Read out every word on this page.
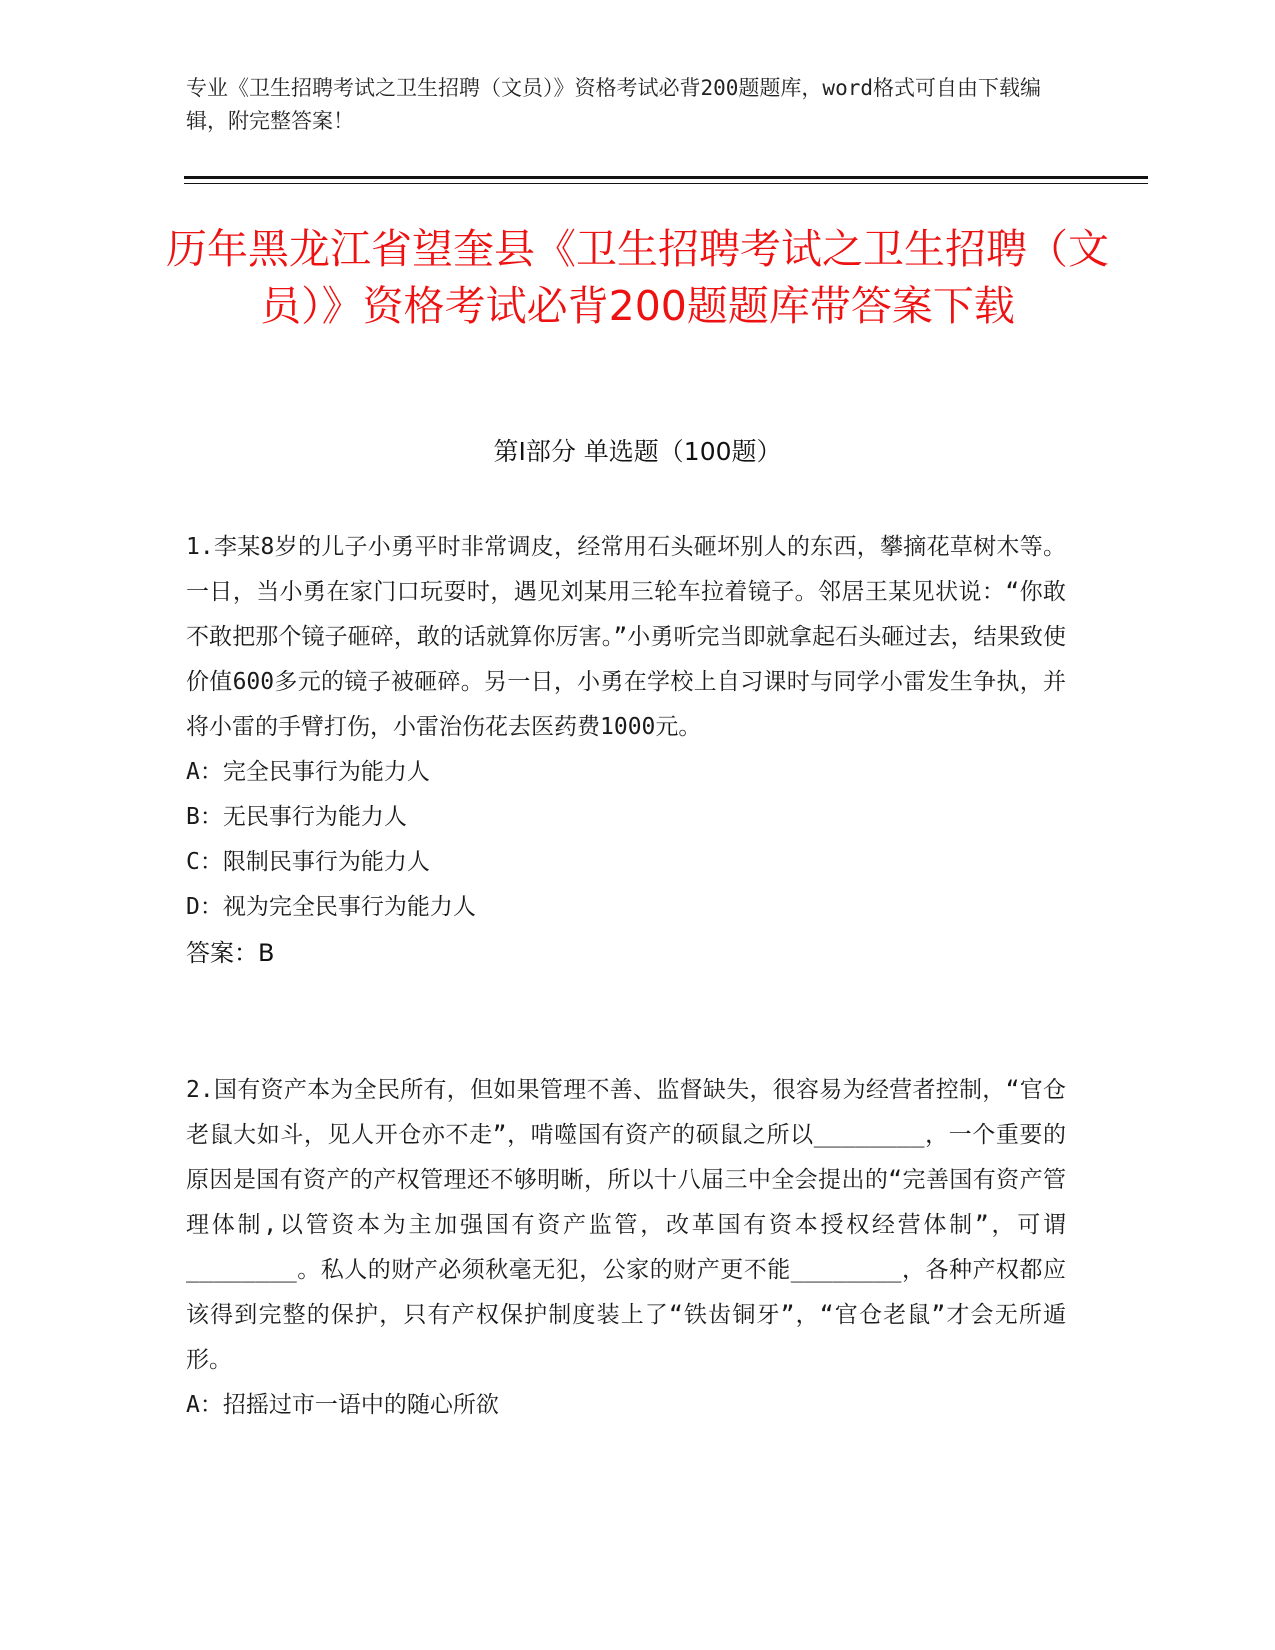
专业《卫生招聘考试之卫生招聘（文员）》资格考试必背200题题库，word格式可自由下载编辑，附完整答案！
历年黑龙江省望奎县《卫生招聘考试之卫生招聘（文员）》资格考试必背200题题库带答案下载
第I部分 单选题（100题）

1.李某8岁的儿子小勇平时非常调皮，经常用石头砸坏别人的东西，攀摘花草树木等。一日，当小勇在家门口玩耍时，遇见刘某用三轮车拉着镜子。邻居王某见状说：“你敢不敢把那个镜子砸碎，敢的话就算你厉害。”小勇听完当即就拿起石头砸过去，结果致使价值600多元的镜子被砸碎。另一日，小勇在学校上自习课时与同学小雷发生争执，并将小雷的手臂打伤，小雷治伤花去医药费1000元。

A：完全民事行为能力人

B：无民事行为能力人

C：限制民事行为能力人

D：视为完全民事行为能力人

答案：B

2.国有资产本为全民所有，但如果管理不善、监督缺失，很容易为经营者控制，“官仓老鼠大如斗，见人开仓亦不走”，啃噬国有资产的硕鼠之所以________，一个重要的原因是国有资产的产权管理还不够明晰，所以十八届三中全会提出的“完善国有资产管理体制,以管资本为主加强国有资产监管，改革国有资本授权经营体制”，可谓________。私人的财产必须秋毫无犯，公家的财产更不能________，各种产权都应该得到完整的保护，只有产权保护制度装上了“铁齿铜牙”，“官仓老鼠”才会无所遁形。

A：招摇过市一语中的随心所欲
